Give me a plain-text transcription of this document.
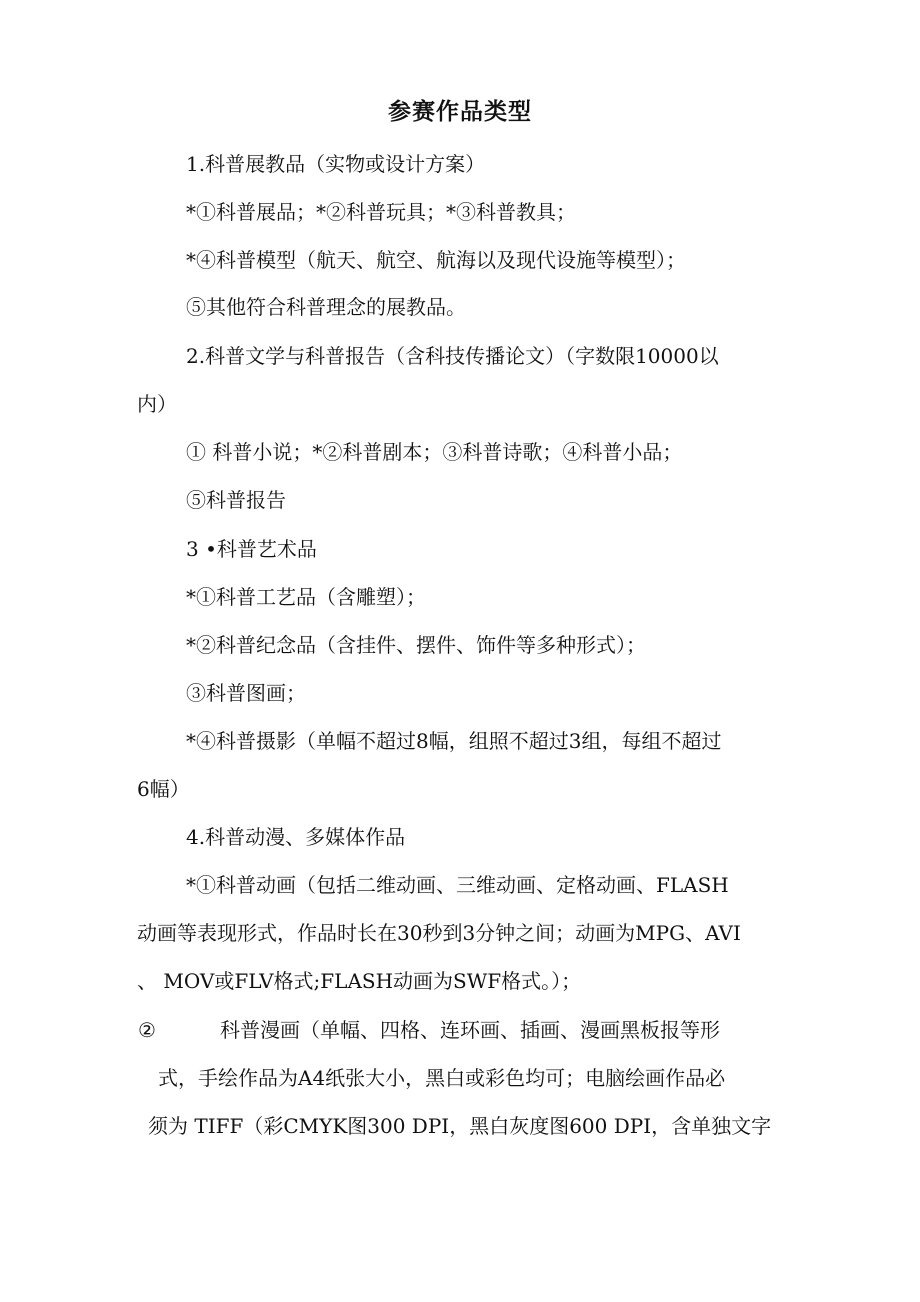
参赛作品类型
1.科普展教品（实物或设计方案）
*①科普展品；*②科普玩具；*③科普教具；
*④科普模型（航天、航空、航海以及现代设施等模型）；
⑤其他符合科普理念的展教品。
2.科普文学与科普报告（含科技传播论文）（字数限10000以
内）
① 科普小说；*②科普剧本；③科普诗歌；④科普小品；
⑤科普报告
3 •科普艺术品
*①科普工艺品（含雕塑）；
*②科普纪念品（含挂件、摆件、饰件等多种形式）；
③科普图画；
*④科普摄影（单幅不超过8幅，组照不超过3组，每组不超过
6幅）
4.科普动漫、多媒体作品
*①科普动画（包括二维动画、三维动画、定格动画、FLASH
动画等表现形式，作品时长在30秒到3分钟之间；动画为MPG、AVI
、 MOV或FLV格式;FLASH动画为SWF格式。）；
②	科普漫画（单幅、四格、连环画、插画、漫画黑板报等形
式，手绘作品为A4纸张大小，黑白或彩色均可；电脑绘画作品必
须为 TIFF（彩CMYK图300 DPI，黑白灰度图600 DPI，含单独文字
